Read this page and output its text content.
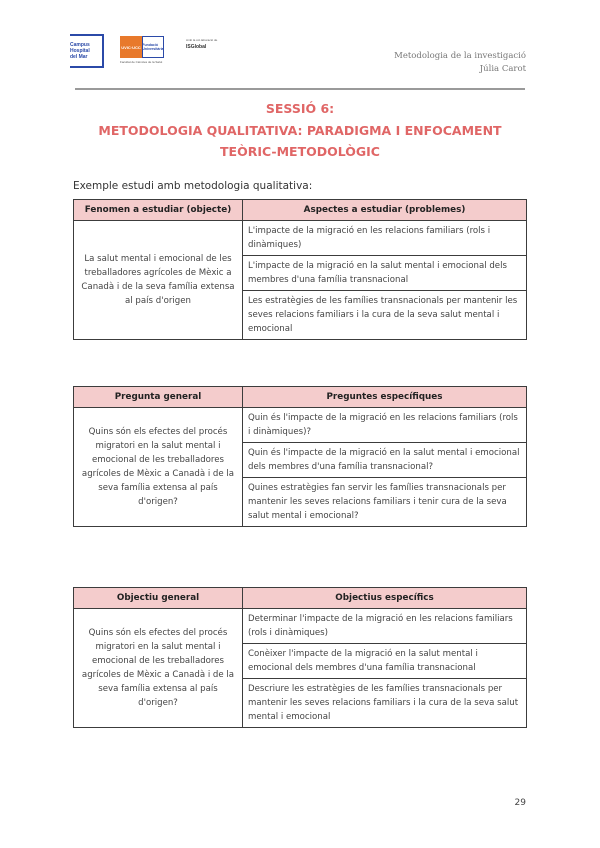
Campus Hospital del Mar
UVIC·UCC Fundació Universitària
Facultat de Ciències de la Salut
Amb la col·laboració de
ISGlobal
Metodologia de la investigació
Júlia Carot
SESSIÓ 6:
METODOLOGIA QUALITATIVA: PARADIGMA I ENFOCAMENT
TEÒRIC-METODOLÒGIC
Exemple estudi amb metodologia qualitativa:
Fenomen a estudiar (objecte)	Aspectes a estudiar (problemes)
La salut mental i emocional de les treballadores agrícoles de Mèxic a Canadà i de la seva família extensa al país d'origen	L'impacte de la migració en les relacions familiars (rols i dinàmiques)
	L'impacte de la migració en la salut mental i emocional dels membres d'una família transnacional
	Les estratègies de les famílies transnacionals per mantenir les seves relacions familiars i la cura de la seva salut mental i emocional
Pregunta general	Preguntes específiques
Quins són els efectes del procés migratori en la salut mental i emocional de les treballadores agrícoles de Mèxic a Canadà i de la seva família extensa al país d'origen?	Quin és l'impacte de la migració en les relacions familiars (rols i dinàmiques)?
	Quin és l'impacte de la migració en la salut mental i emocional dels membres d'una família transnacional?
	Quines estratègies fan servir les famílies transnacionals per mantenir les seves relacions familiars i tenir cura de la seva salut mental i emocional?
Objectiu general	Objectius específics
Quins són els efectes del procés migratori en la salut mental i emocional de les treballadores agrícoles de Mèxic a Canadà i de la seva família extensa al país d'origen?	Determinar l'impacte de la migració en les relacions familiars (rols i dinàmiques)
	Conèixer l'impacte de la migració en la salut mental i emocional dels membres d'una família transnacional
	Descriure les estratègies de les famílies transnacionals per mantenir les seves relacions familiars i la cura de la seva salut mental i emocional
29
